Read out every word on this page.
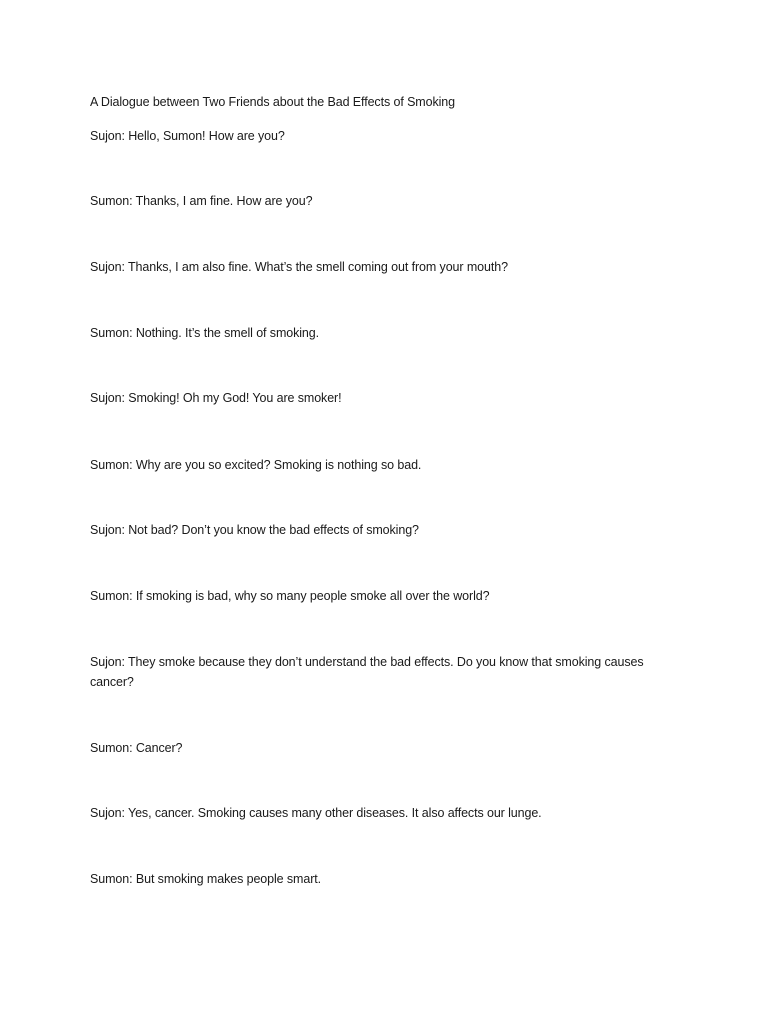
A Dialogue between Two Friends about the Bad Effects of Smoking
Sujon: Hello, Sumon! How are you?
Sumon: Thanks, I am fine. How are you?
Sujon: Thanks, I am also fine. What’s the smell coming out from your mouth?
Sumon: Nothing. It’s the smell of smoking.
Sujon: Smoking! Oh my God! You are smoker!
Sumon: Why are you so excited? Smoking is nothing so bad.
Sujon: Not bad? Don’t you know the bad effects of smoking?
Sumon: If smoking is bad, why so many people smoke all over the world?
Sujon: They smoke because they don’t understand the bad effects. Do you know that smoking causes cancer?
Sumon: Cancer?
Sujon: Yes, cancer. Smoking causes many other diseases. It also affects our lunge.
Sumon: But smoking makes people smart.
